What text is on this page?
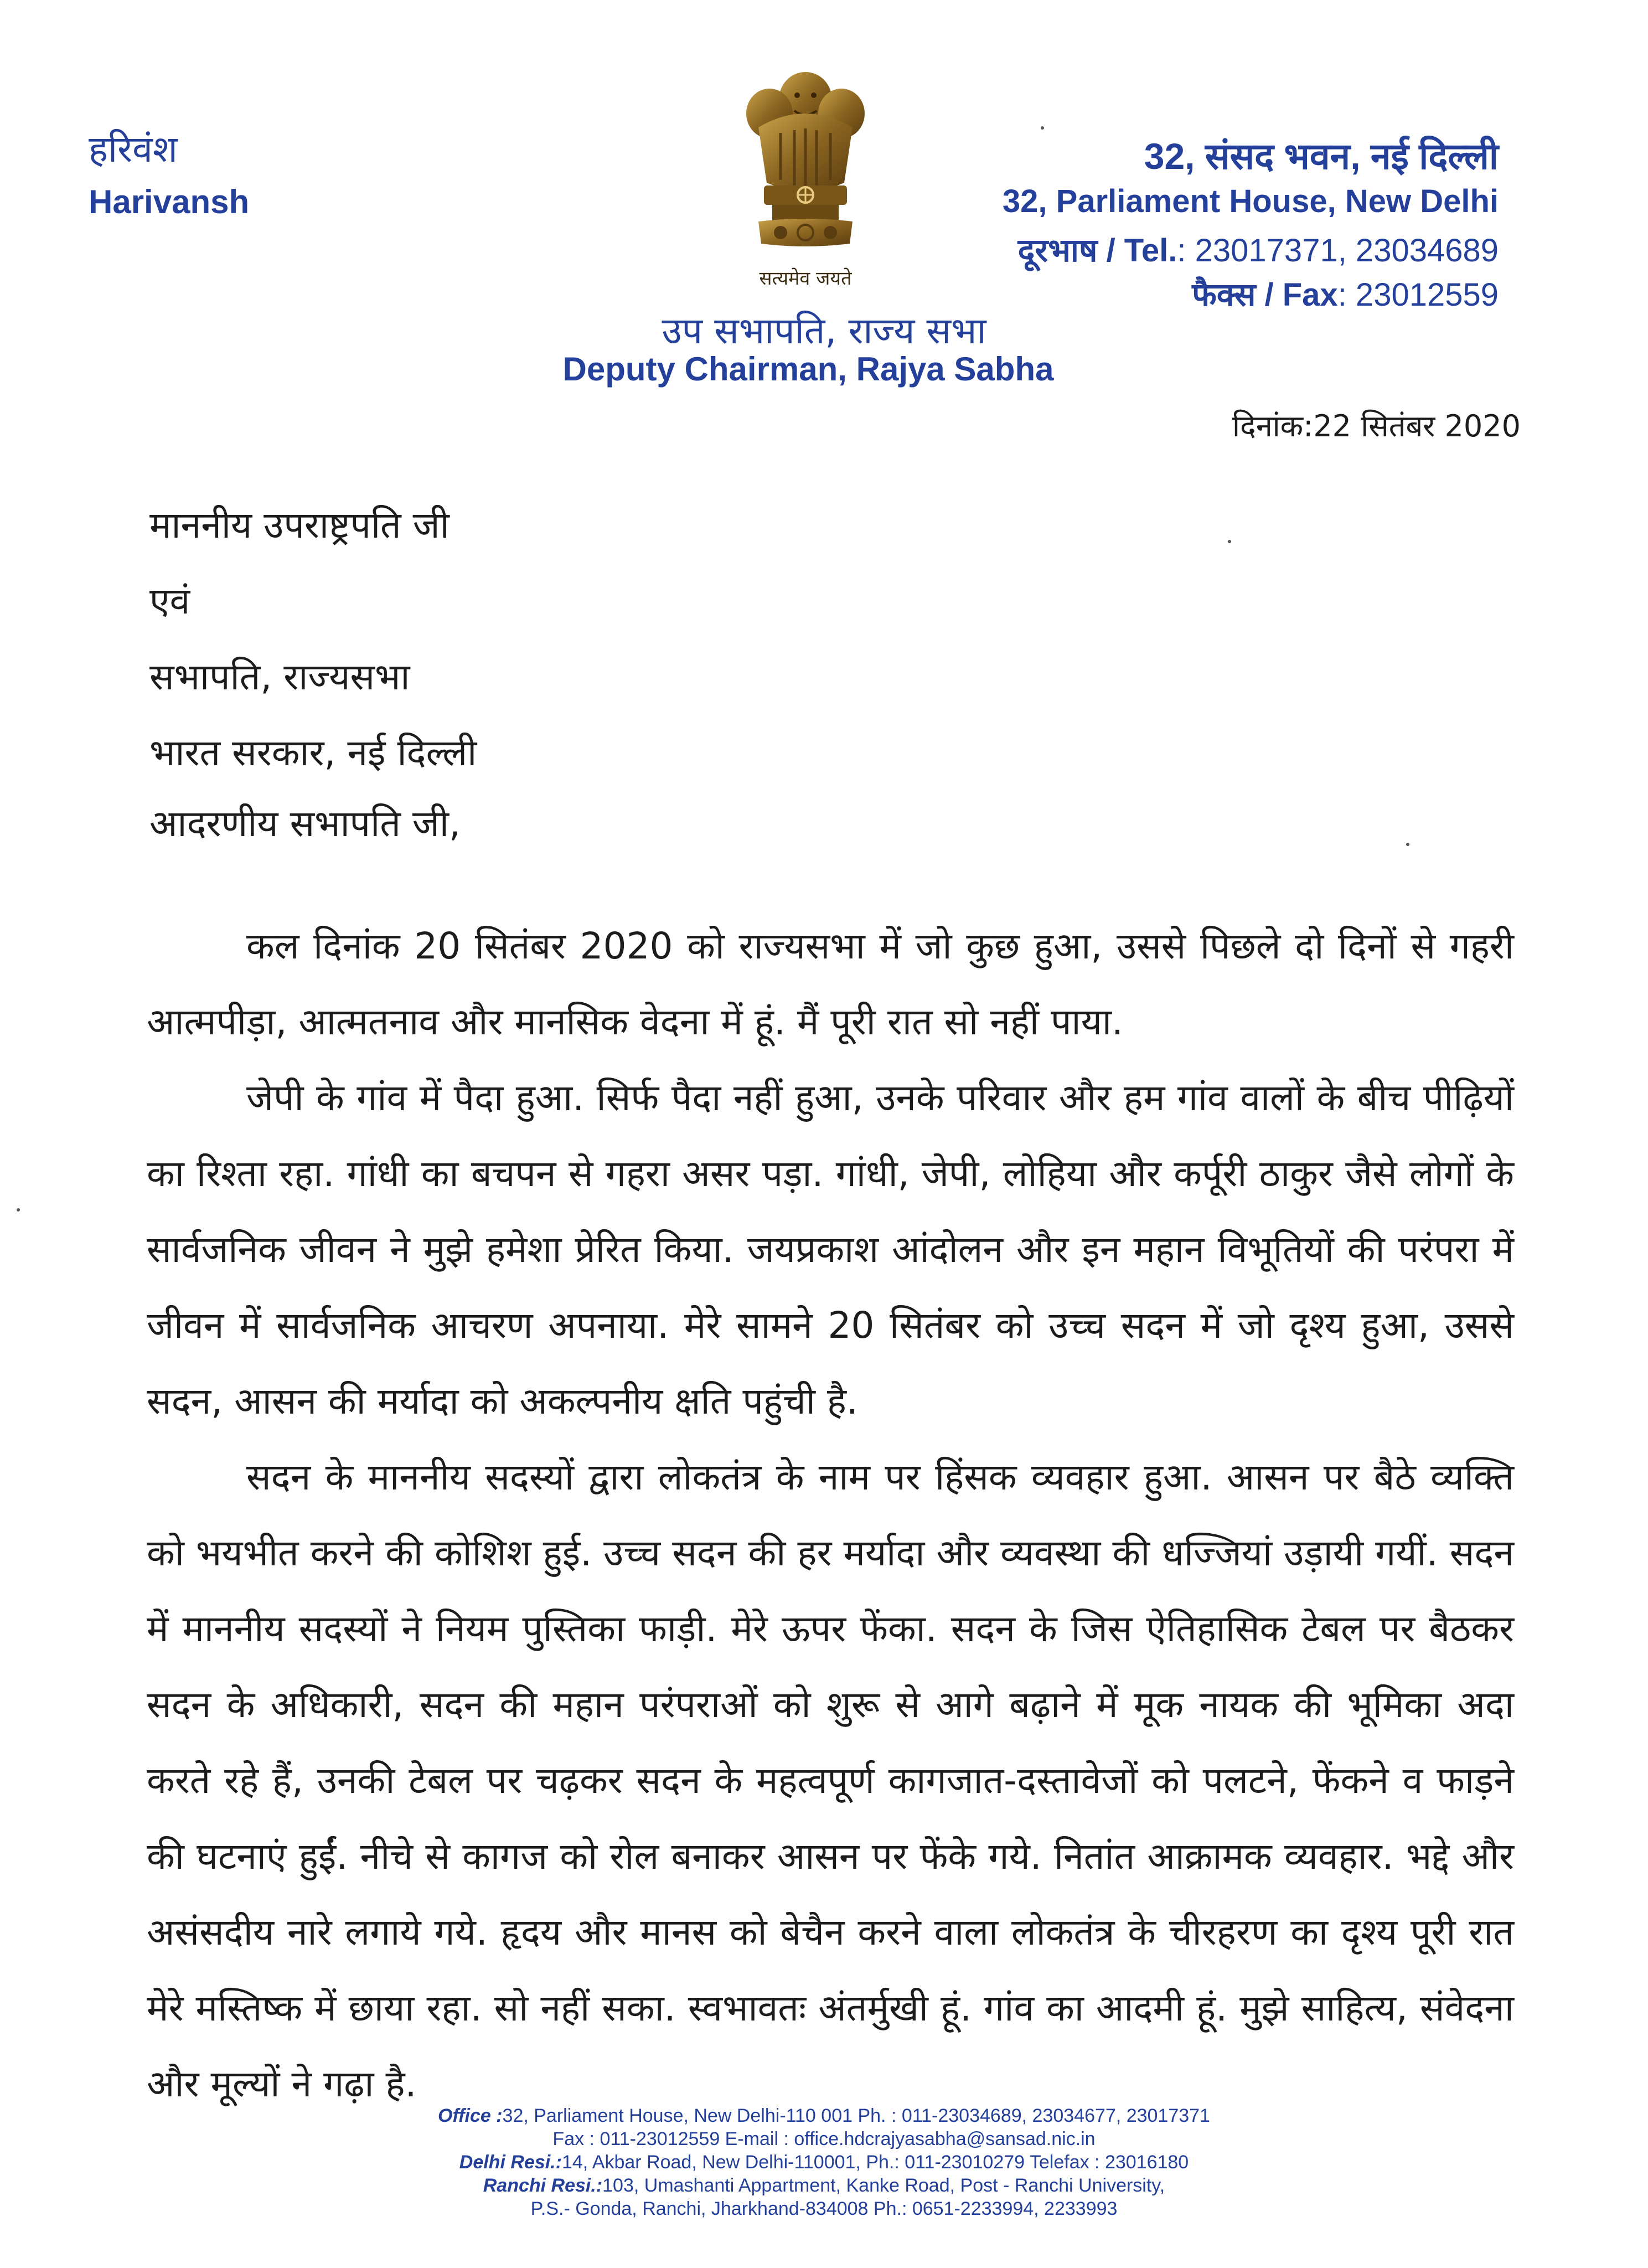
हरिवंश
Harivansh
सत्यमेव जयते
32, संसद भवन, नई दिल्ली
32, Parliament House, New Delhi
दूरभाष / Tel.: 23017371, 23034689
फैक्स / Fax: 23012559
उप सभापति, राज्य सभा
Deputy Chairman, Rajya Sabha
दिनांक:22 सितंबर 2020
माननीय उपराष्ट्रपति जी
एवं
सभापति, राज्यसभा
भारत सरकार, नई दिल्ली
आदरणीय सभापति जी,

कल दिनांक 20 सितंबर 2020 को राज्यसभा में जो कुछ हुआ, उससे पिछले दो दिनों से गहरी आत्मपीड़ा, आत्मतनाव और मानसिक वेदना में हूं. मैं पूरी रात सो नहीं पाया.

जेपी के गांव में पैदा हुआ. सिर्फ पैदा नहीं हुआ, उनके परिवार और हम गांव वालों के बीच पीढ़ियों का रिश्ता रहा. गांधी का बचपन से गहरा असर पड़ा. गांधी, जेपी, लोहिया और कर्पूरी ठाकुर जैसे लोगों के सार्वजनिक जीवन ने मुझे हमेशा प्रेरित किया. जयप्रकाश आंदोलन और इन महान विभूतियों की परंपरा में जीवन में सार्वजनिक आचरण अपनाया. मेरे सामने 20 सितंबर को उच्च सदन में जो दृश्य हुआ, उससे सदन, आसन की मर्यादा को अकल्पनीय क्षति पहुंची है.

सदन के माननीय सदस्यों द्वारा लोकतंत्र के नाम पर हिंसक व्यवहार हुआ. आसन पर बैठे व्यक्ति को भयभीत करने की कोशिश हुई. उच्च सदन की हर मर्यादा और व्यवस्था की धज्जियां उड़ायी गयीं. सदन में माननीय सदस्यों ने नियम पुस्तिका फाड़ी. मेरे ऊपर फेंका. सदन के जिस ऐतिहासिक टेबल पर बैठकर सदन के अधिकारी, सदन की महान परंपराओं को शुरू से आगे बढ़ाने में मूक नायक की भूमिका अदा करते रहे हैं, उनकी टेबल पर चढ़कर सदन के महत्वपूर्ण कागजात-दस्तावेजों को पलटने, फेंकने व फाड़ने की घटनाएं हुईं. नीचे से कागज को रोल बनाकर आसन पर फेंके गये. नितांत आक्रामक व्यवहार. भद्दे और असंसदीय नारे लगाये गये. हृदय और मानस को बेचैन करने वाला लोकतंत्र के चीरहरण का दृश्य पूरी रात मेरे मस्तिष्क में छाया रहा. सो नहीं सका. स्वभावतः अंतर्मुखी हूं. गांव का आदमी हूं. मुझे साहित्य, संवेदना और मूल्यों ने गढ़ा है.

Office :32, Parliament House, New Delhi-110 001 Ph. : 011-23034689, 23034677, 23017371
Fax : 011-23012559 E-mail : office.hdcrajyasabha@sansad.nic.in
Delhi Resi.:14, Akbar Road, New Delhi-110001, Ph.: 011-23010279 Telefax : 23016180
Ranchi Resi.:103, Umashanti Appartment, Kanke Road, Post - Ranchi University,
P.S.- Gonda, Ranchi, Jharkhand-834008 Ph.: 0651-2233994, 2233993
